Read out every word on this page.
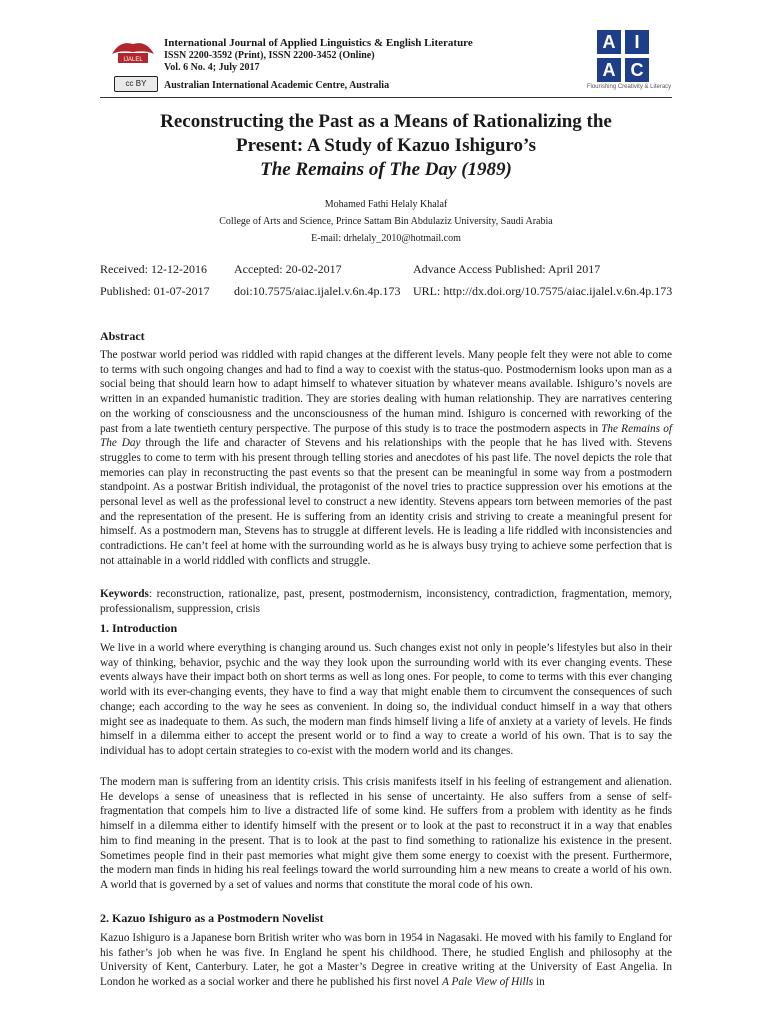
IJALEL
cc BY
International Journal of Applied Linguistics & English Literature
ISSN 2200-3592 (Print), ISSN 2200-3452 (Online)
Vol. 6 No. 4; July 2017
Australian International Academic Centre, Australia
A	I
A C
Flourishing Creativity & Literacy
Reconstructing the Past as a Means of Rationalizing the
Present: A Study of Kazuo Ishiguro’s
The Remains of The Day (1989)
Mohamed Fathi Helaly Khalaf
College of Arts and Science, Prince Sattam Bin Abdulaziz University, Saudi Arabia
E-mail: drhelaly_2010@hotmail.com
Received: 12-12-2016 Accepted: 20-02-2017	Advance Access Published: April 2017
Published: 01-07-2017 doi:10.7575/aiac.ijalel.v.6n.4p.173 URL: http://dx.doi.org/10.7575/aiac.ijalel.v.6n.4p.173
Abstract
The postwar world period was riddled with rapid changes at the different levels. Many people felt they were not able to come to terms with such ongoing changes and had to find a way to coexist with the status-quo. Postmodernism looks upon man as a social being that should learn how to adapt himself to whatever situation by whatever means available. Ishiguro’s novels are written in an expanded humanistic tradition. They are stories dealing with human relationship. They are narratives centering on the working of consciousness and the unconsciousness of the human mind. Ishiguro is concerned with reworking of the past from a late twentieth century perspective. The purpose of this study is to trace the postmodern aspects in The Remains of The Day through the life and character of Stevens and his relationships with the people that he has lived with. Stevens struggles to come to term with his present through telling stories and anecdotes of his past life. The novel depicts the role that memories can play in reconstructing the past events so that the present can be meaningful in some way from a postmodern standpoint. As a postwar British individual, the protagonist of the novel tries to practice suppression over his emotions at the personal level as well as the professional level to construct a new identity. Stevens appears torn between memories of the past and the representation of the present. He is suffering from an identity crisis and striving to create a meaningful present for himself. As a postmodern man, Stevens has to struggle at different levels. He is leading a life riddled with inconsistencies and contradictions. He can’t feel at home with the surrounding world as he is always busy trying to achieve some perfection that is not attainable in a world riddled with conflicts and struggle.
Keywords: reconstruction, rationalize, past, present, postmodernism, inconsistency, contradiction, fragmentation, memory, professionalism, suppression, crisis
1. Introduction
We live in a world where everything is changing around us. Such changes exist not only in people’s lifestyles but also in their way of thinking, behavior, psychic and the way they look upon the surrounding world with its ever changing events. These events always have their impact both on short terms as well as long ones. For people, to come to terms with this ever changing world with its ever-changing events, they have to find a way that might enable them to circumvent the consequences of such change; each according to the way he sees as convenient. In doing so, the individual conduct himself in a way that others might see as inadequate to them. As such, the modern man finds himself living a life of anxiety at a variety of levels. He finds himself in a dilemma either to accept the present world or to find a way to create a world of his own. That is to say the individual has to adopt certain strategies to co-exist with the modern world and its changes.
The modern man is suffering from an identity crisis. This crisis manifests itself in his feeling of estrangement and alienation. He develops a sense of uneasiness that is reflected in his sense of uncertainty. He also suffers from a sense of self-fragmentation that compels him to live a distracted life of some kind. He suffers from a problem with identity as he finds himself in a dilemma either to identify himself with the present or to look at the past to reconstruct it in a way that enables him to find meaning in the present. That is to look at the past to find something to rationalize his existence in the present. Sometimes people find in their past memories what might give them some energy to coexist with the present. Furthermore, the modern man finds in hiding his real feelings toward the world surrounding him a new means to create a world of his own. A world that is governed by a set of values and norms that constitute the moral code of his own.
2. Kazuo Ishiguro as a Postmodern Novelist
Kazuo Ishiguro is a Japanese born British writer who was born in 1954 in Nagasaki. He moved with his family to England for his father’s job when he was five. In England he spent his childhood. There, he studied English and philosophy at the University of Kent, Canterbury. Later, he got a Master’s Degree in creative writing at the University of East Angelia. In London he worked as a social worker and there he published his first novel A Pale View of Hills in
